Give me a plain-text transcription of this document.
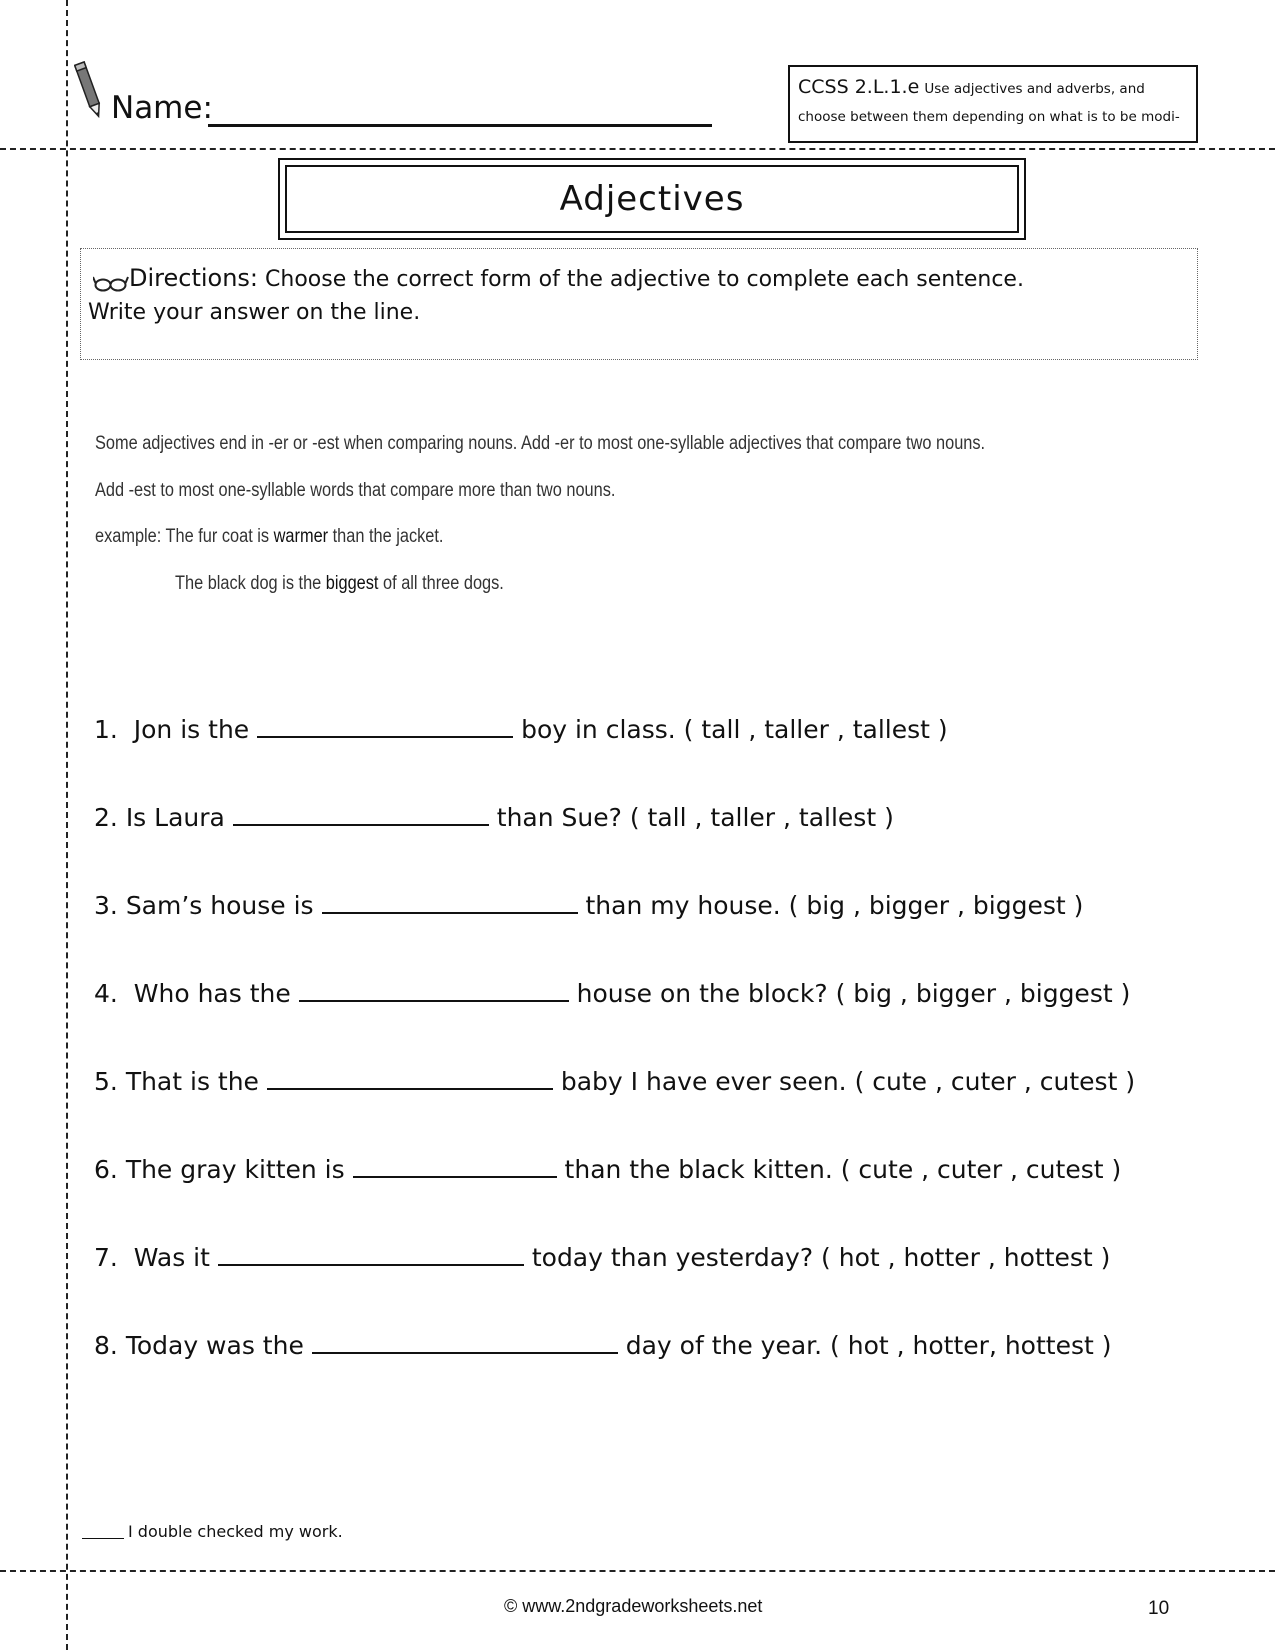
Name:
CCSS 2.L.1.e Use adjectives and adverbs, and
choose between them depending on what is to be modi-
Adjectives
Directions: Choose the correct form of the adjective to complete each sentence.
Write your answer on the line.
Some adjectives end in -er or -est when comparing nouns. Add -er to most one-syllable adjectives that compare two nouns.
Add -est to most one-syllable words that compare more than two nouns.
example: The fur coat is warmer than the jacket.
The black dog is the biggest of all three dogs.
1. Jon is the	boy in class. ( tall , taller , tallest )
2. Is Laura	than Sue? ( tall , taller , tallest )
3. Sam’s house is	than my house. ( big , bigger , biggest )
4. Who has the	house on the block? ( big , bigger , biggest )
5. That is the	baby I have ever seen. ( cute , cuter , cutest )
6. The gray kitten is	than the black kitten. ( cute , cuter , cutest )
7. Was it	today than yesterday? ( hot , hotter , hottest )
8. Today was the	day of the year. ( hot , hotter, hottest )
I double checked my work.
© www.2ndgradeworksheets.net	10
